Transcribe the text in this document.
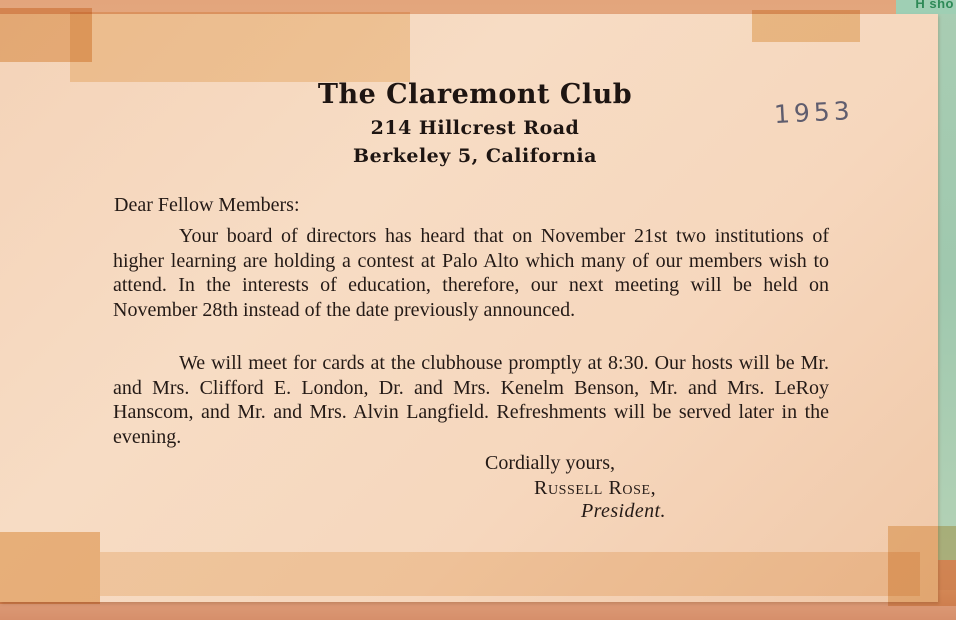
H sho
The Claremont Club
214 Hillcrest Road
Berkeley 5, California
1953
Dear Fellow Members:
Your board of directors has heard that on November 21st two institutions of higher learning are holding a contest at Palo Alto which many of our members wish to attend. In the interests of education, therefore, our next meeting will be held on November 28th instead of the date previously announced.
We will meet for cards at the clubhouse promptly at 8:30. Our hosts will be Mr. and Mrs. Clifford E. London, Dr. and Mrs. Kenelm Benson, Mr. and Mrs. LeRoy Hanscom, and Mr. and Mrs. Alvin Langfield. Refreshments will be served later in the evening.
Cordially yours,
Russell Rose,
President.
